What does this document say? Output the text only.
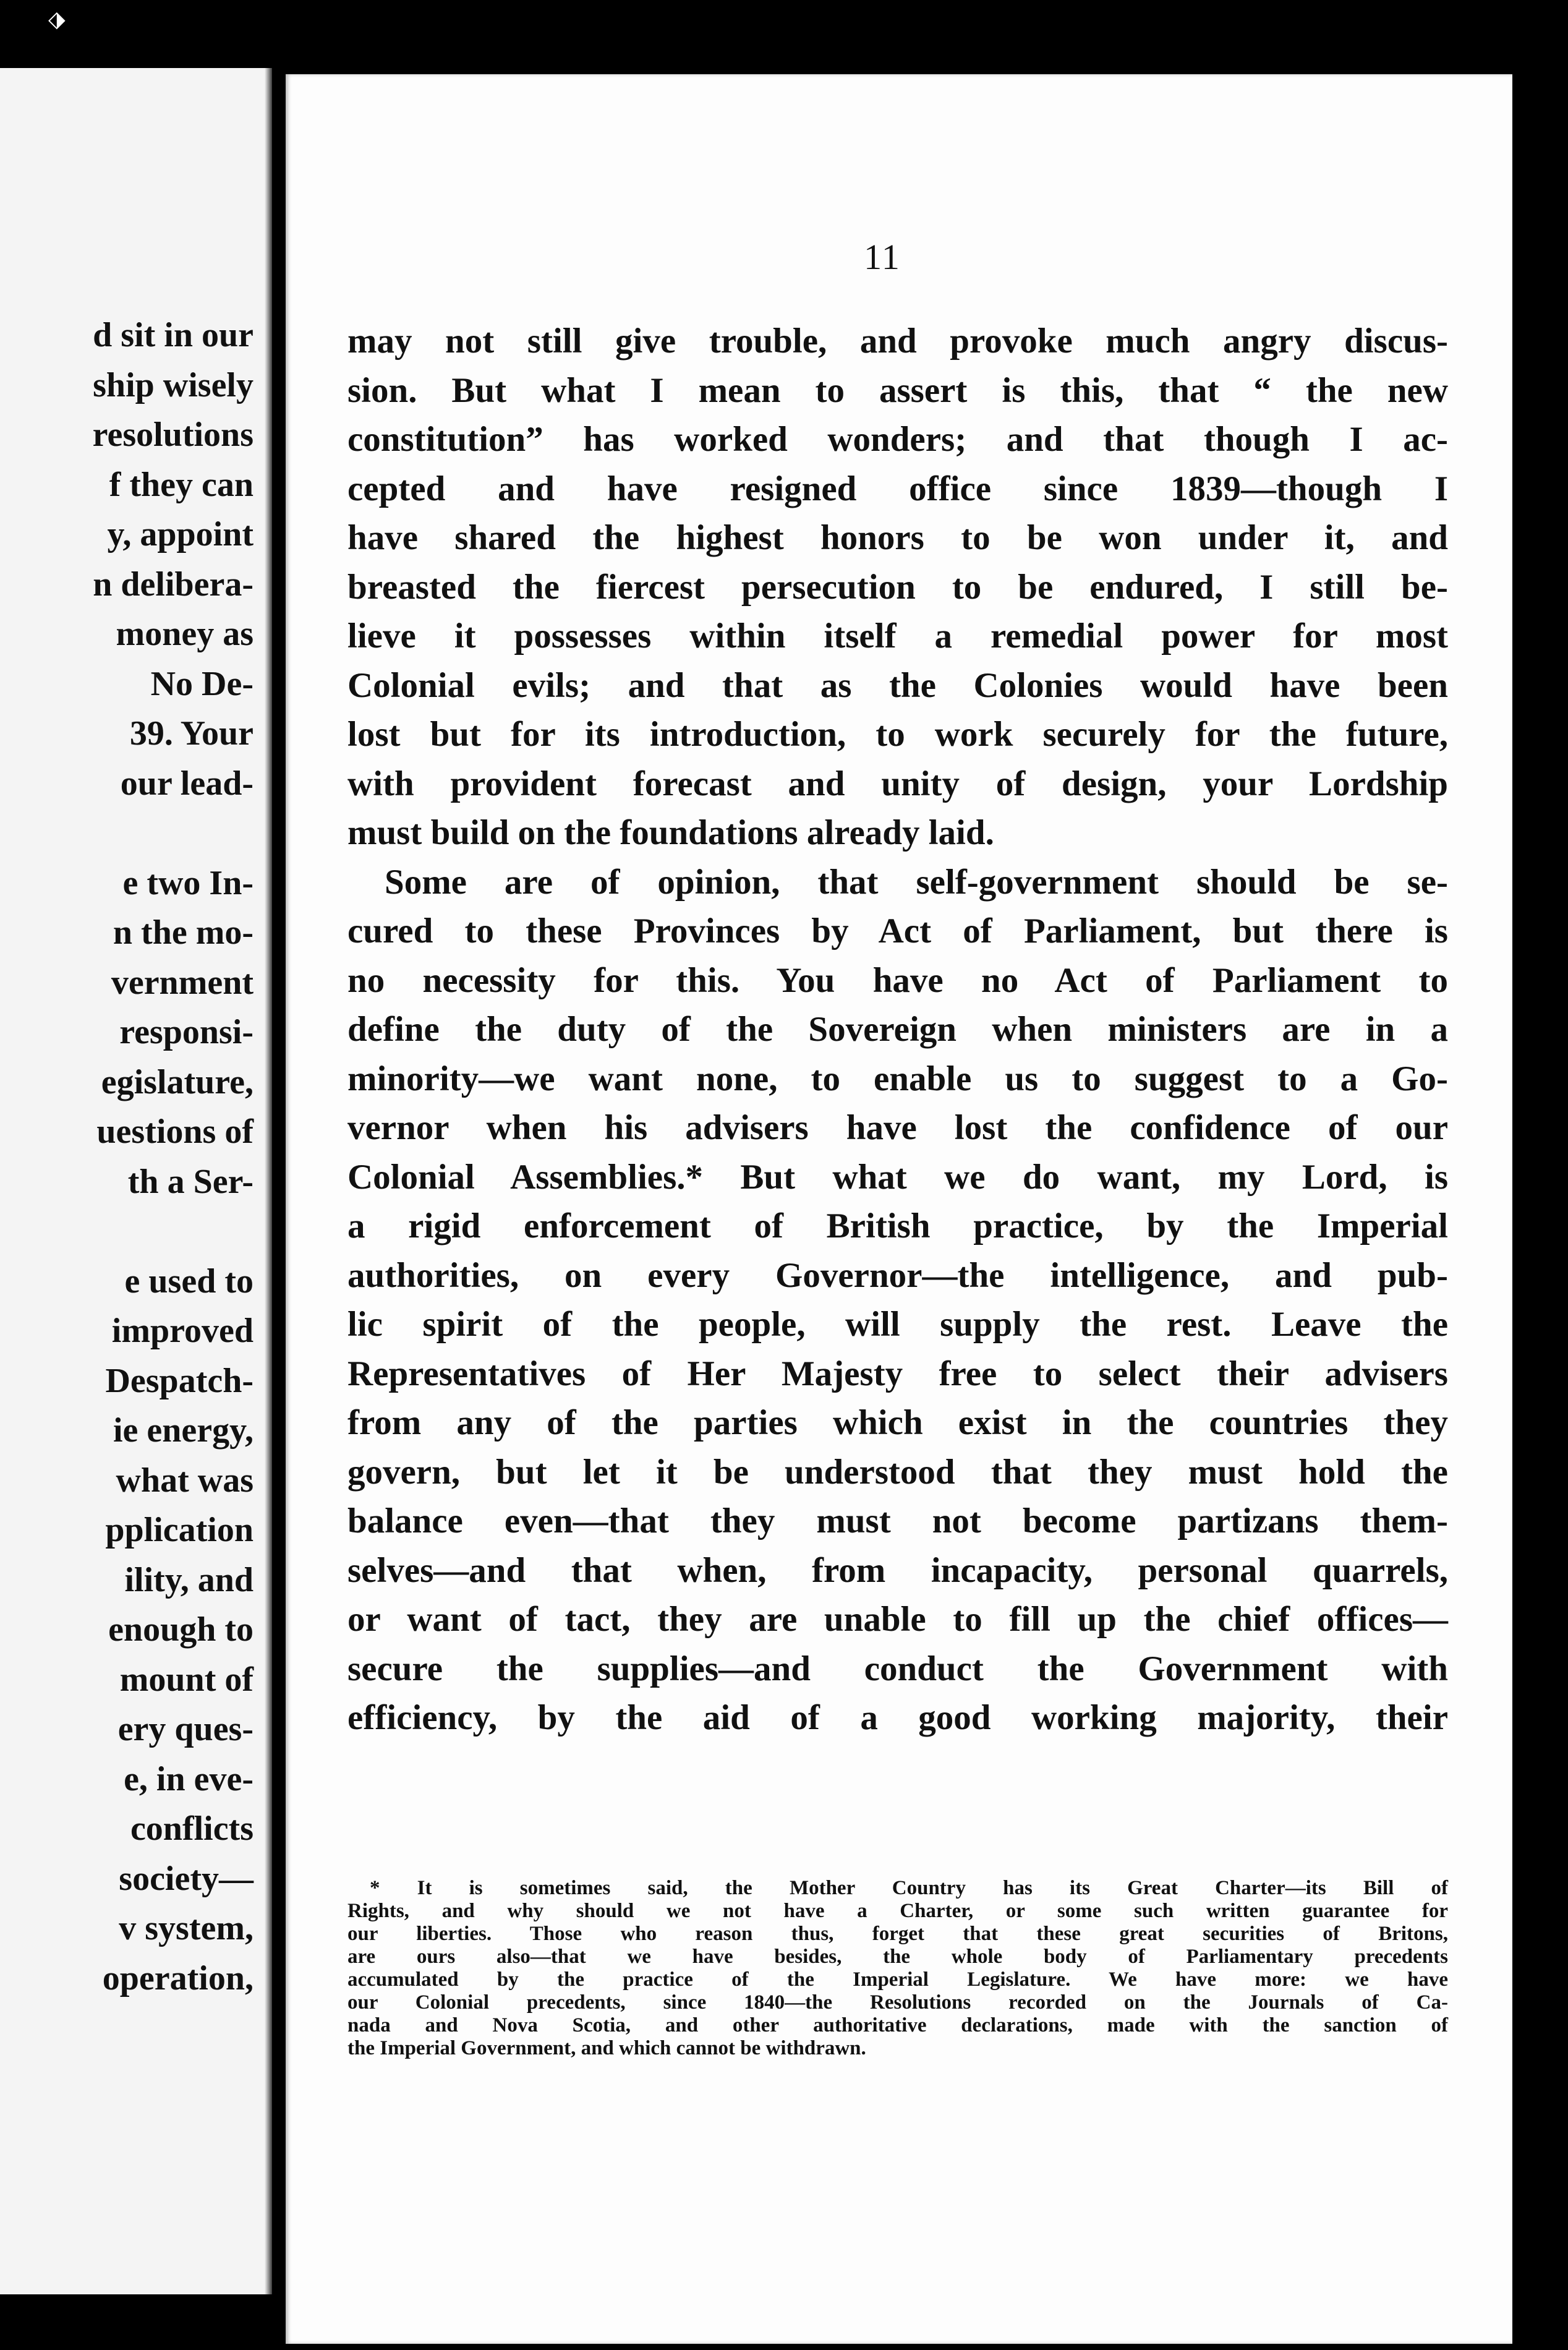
⬗
d sit in our
ship wisely
resolutions
f they can
y, appoint
n delibera-
money as
No De-
39. Your
our lead-
e two In-
n the mo-
vernment
responsi-
egislature,
uestions of
th a Ser-
e used to
improved
Despatch-
ie energy,
what was
pplication
ility, and
enough to
mount of
ery ques-
e, in eve-
conflicts
society—
v system,
operation,
11
may not still give trouble, and provoke much angry discus-
sion. But what I mean to assert is this, that “ the new
constitution” has worked wonders; and that though I ac-
cepted and have resigned office since 1839—though I
have shared the highest honors to be won under it, and
breasted the fiercest persecution to be endured, I still be-
lieve it possesses within itself a remedial power for most
Colonial evils; and that as the Colonies would have been
lost but for its introduction, to work securely for the future,
with provident forecast and unity of design, your Lordship
must build on the foundations already laid.
Some are of opinion, that self-government should be se-
cured to these Provinces by Act of Parliament, but there is
no necessity for this. You have no Act of Parliament to
define the duty of the Sovereign when ministers are in a
minority—we want none, to enable us to suggest to a Go-
vernor when his advisers have lost the confidence of our
Colonial Assemblies.* But what we do want, my Lord, is
a rigid enforcement of British practice, by the Imperial
authorities, on every Governor—the intelligence, and pub-
lic spirit of the people, will supply the rest. Leave the
Representatives of Her Majesty free to select their advisers
from any of the parties which exist in the countries they
govern, but let it be understood that they must hold the
balance even—that they must not become partizans them-
selves—and that when, from incapacity, personal quarrels,
or want of tact, they are unable to fill up the chief offices—
secure the supplies—and conduct the Government with
efficiency, by the aid of a good working majority, their
* It is sometimes said, the Mother Country has its Great Charter—its Bill of
Rights, and why should we not have a Charter, or some such written guarantee for
our liberties. Those who reason thus, forget that these great securities of Britons,
are ours also—that we have besides, the whole body of Parliamentary precedents
accumulated by the practice of the Imperial Legislature. We have more: we have
our Colonial precedents, since 1840—the Resolutions recorded on the Journals of Ca-
nada and Nova Scotia, and other authoritative declarations, made with the sanction of
the Imperial Government, and which cannot be withdrawn.
